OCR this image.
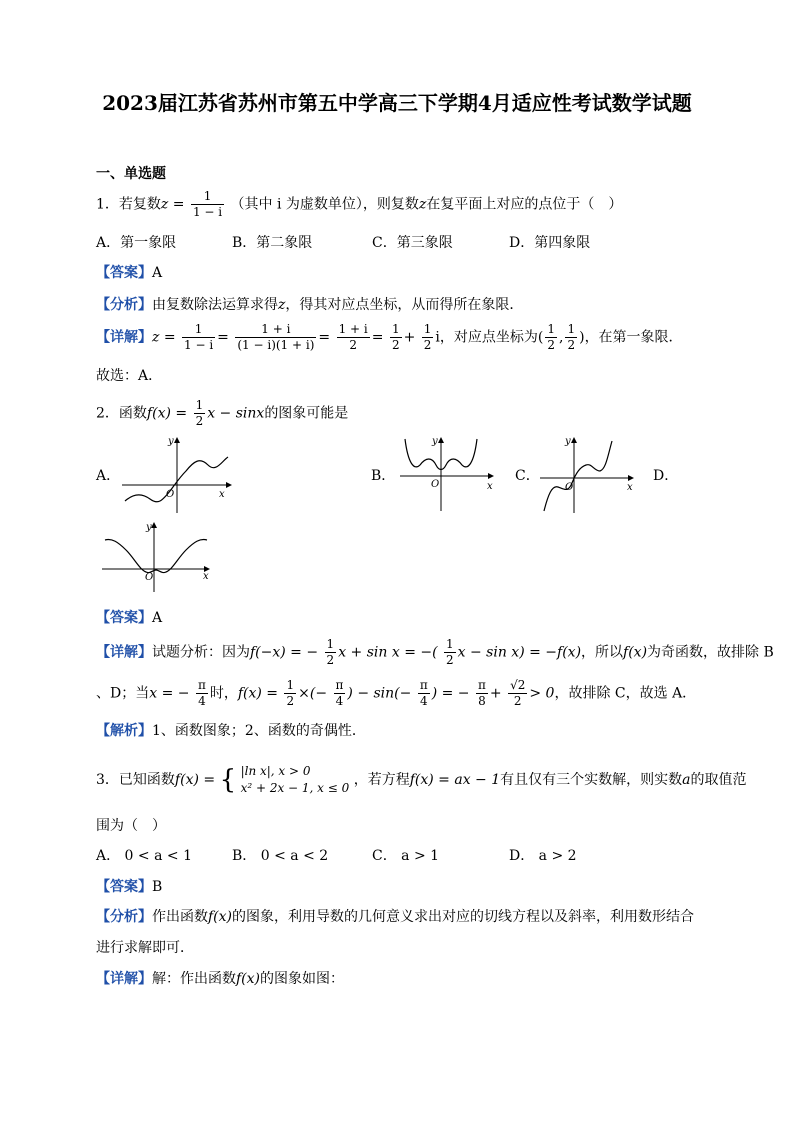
2023届江苏省苏州市第五中学高三下学期4月适应性考试数学试题
一、单选题
1．若复数$z = \frac{1}{1 - i}$ （其中 i 为虚数单位），则复数z在复平面上对应的点位于（　）
A．第一象限	B．第二象限	C．第三象限	D．第四象限
【答案】A
【分析】由复数除法运算求得z，得其对应点坐标，从而得所在象限．
【详解】$z = \frac{1}{1 - i} = \frac{1 + i}{(1 - i)(1 + i)} = \frac{1 + i}{2} = \frac{1}{2} + \frac{1}{2}$ i，对应点坐标为( $\frac{1}{2}$ , $\frac{1}{2}$ )，在第一象限．
故选：A．
2．函数$f(x) = \frac{1}{2}$ x − sinx的图象可能是
A．	B．	C．	D．
y
x
O
y
x
O
y
x
O
y
x
O
【答案】A
【详解】试题分析：因为f(−x) = − $\frac{1}{2}$ x + sin x = −( $\frac{1}{2}$ x − sin x) = −f(x)，所以f(x)为奇函数，故排除 B
、D；当x = − $\frac{\pi}{4}$ 时，$f(x) = \frac{1}{2}$ ×(− $\frac{\pi}{4}$ ) − $\sin(- \frac{\pi}{4}$ ) = − $\frac{\pi}{8} + \frac{√2}{2} > 0$，故排除 C，故选 A．
【解析】1、函数图象；2、函数的奇偶性．
3．已知函数f(x) = { |ln x|, x > 0
x² + 2x − 1, x ≤ 0 ，若方程f(x) = ax − 1有且仅有三个实数解，则实数a的取值范
围为（　）
A． 0 < a < 1	B． 0 < a < 2	C． a > 1	D． a > 2
【答案】B
【分析】作出函数f(x)的图象，利用导数的几何意义求出对应的切线方程以及斜率，利用数形结合
进行求解即可．
【详解】解：作出函数f(x)的图象如图：
